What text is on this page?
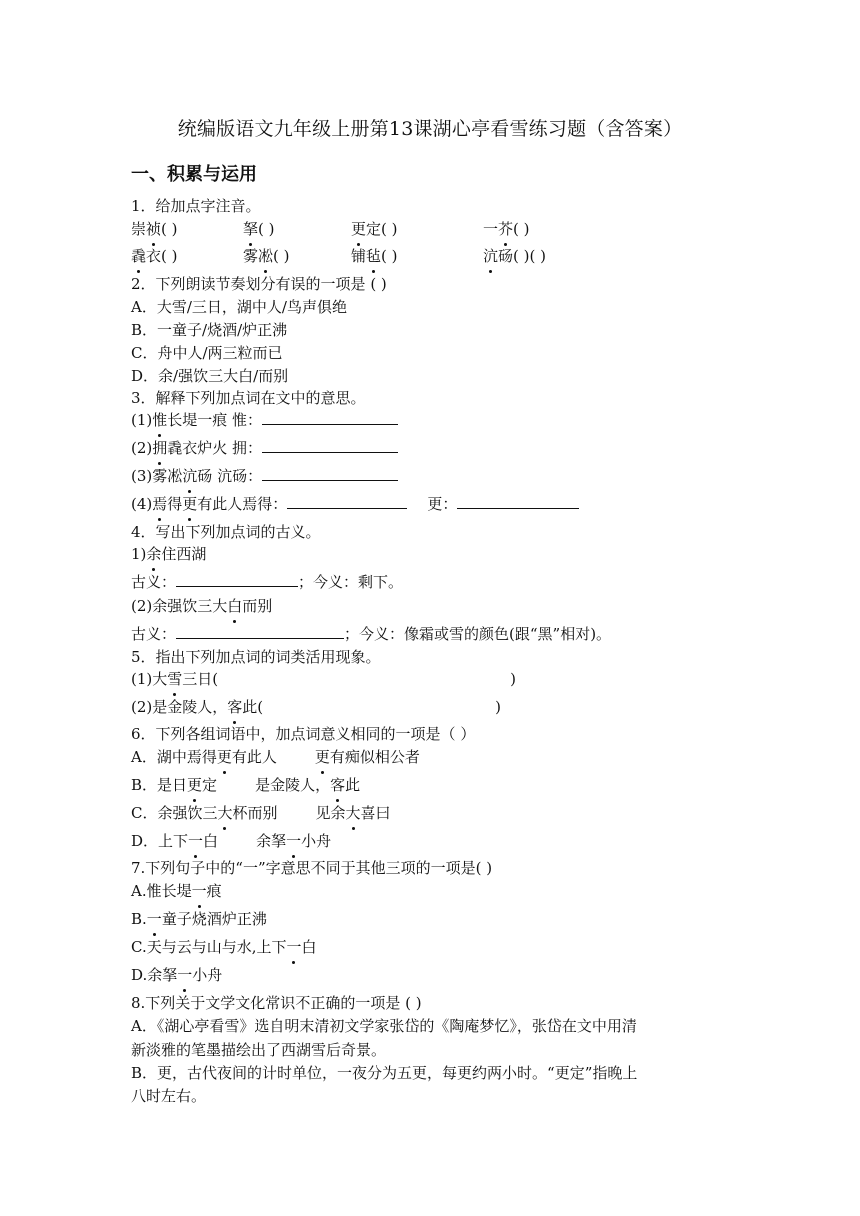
统编版语文九年级上册第13课湖心亭看雪练习题（含答案）
一、积累与运用
1．给加点字注音。
崇祯( )	拏( )	更定( )	一芥( )
毳衣( )	雾凇( )	铺毡( )	沆砀( )( )
2．下列朗读节奏划分有误的一项是 ( )
A．大雪/三日，湖中人/鸟声俱绝
B．一童子/烧酒/炉正沸
C．舟中人/两三粒而已
D．余/强饮三大白/而别
3．解释下列加点词在文中的意思。
(1)惟长堤一痕 惟：
(2)拥毳衣炉火 拥：
(3)雾凇沆砀 沆砀：
(4)焉得更有此人焉得：	更：
4．写出下列加点词的古义。
1)余住西湖
古义：	；今义：剩下。
(2)余强饮三大白而别
古义：	；今义：像霜或雪的颜色(跟“黑”相对)。
5．指出下列加点词的词类活用现象。
(1)大雪三日(	)
(2)是金陵人，客此(	)
6．下列各组词语中，加点词意义相同的一项是（ ）
A．湖中焉得更有此人	更有痴似相公者
B．是日更定	是金陵人，客此
C．余强饮三大杯而别	见余大喜曰
D．上下一白	余拏一小舟
7.下列句子中的“一”字意思不同于其他三项的一项是( )
A.惟长堤一痕
B.一童子烧酒炉正沸
C.天与云与山与水,上下一白
D.余拏一小舟
8.下列关于文学文化常识不正确的一项是 ( )
A．《湖心亭看雪》选自明末清初文学家张岱的《陶庵梦忆》，张岱在文中用清
新淡雅的笔墨描绘出了西湖雪后奇景。
B．更，古代夜间的计时单位，一夜分为五更，每更约两小时。“更定”指晚上
八时左右。
